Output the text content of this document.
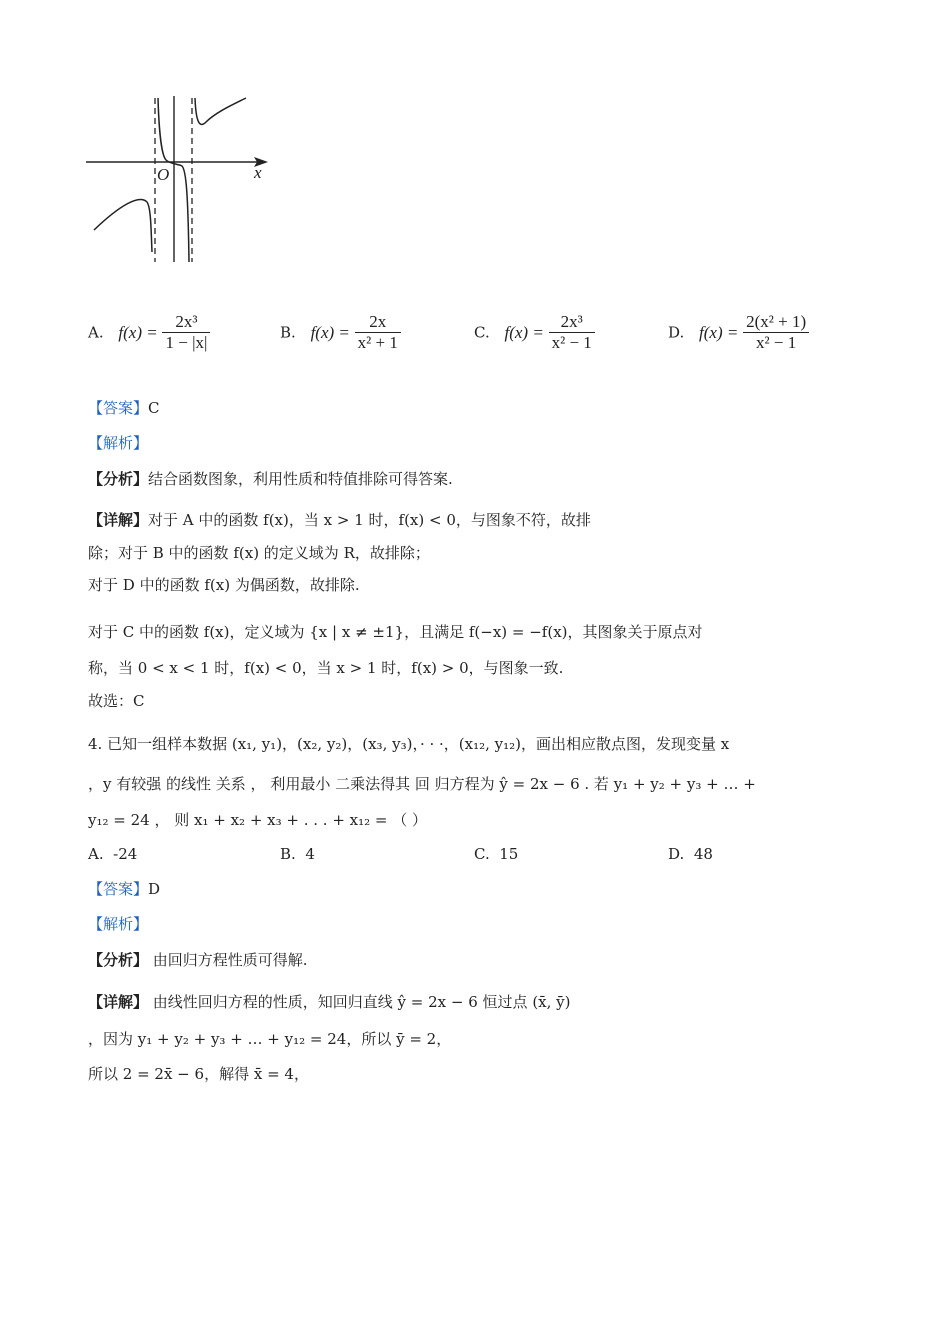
x
O
A. $f(x) = \frac{\text{2x³}}{1 - |x|}$	B. $f(x) = \frac{2x}{\text{x² + 1}}$	C. $f(x) = \frac{\text{2x³}}{\text{x² − 1}}$	D. $f(x) = \frac{\text{2(x² + 1)}}{\text{x² − 1}}$
【答案】C
【解析】
【分析】结合函数图象，利用性质和特值排除可得答案.
【详解】对于 A 中的函数 f(x)，当 x > 1 时，f(x) < 0，与图象不符，故排
除；对于 B 中的函数 f(x) 的定义域为 R，故排除；
对于 D 中的函数 f(x) 为偶函数，故排除.
对于 C 中的函数 f(x)，定义域为 {x | x ≠ ±1}，且满足 f(−x) = −f(x)，其图象关于原点对
称，当 0 < x < 1 时，f(x) < 0，当 x > 1 时，f(x) > 0，与图象一致.
故选：C
4. 已知一组样本数据 (x₁, y₁)，(x₂, y₂)，(x₃, y₃)，· · ·，(x₁₂, y₁₂)，画出相应散点图，发现变量 x
，y 有较强 的线性 关系 ， 利用最小 二乘法得其 回 归方程为 ŷ = 2x − 6 . 若 y₁ + y₂ + y₃ + … +
y₁₂ = 24 ， 则 x₁ + x₂ + x₃ + . . . + x₁₂ = （ ）
A. -24	B. 4	C. 15	D. 48
【答案】D
【解析】
【分析】 由回归方程性质可得解.
【详解】 由线性回归方程的性质，知回归直线 ŷ = 2x − 6 恒过点 (x̄, ȳ)
，因为 y₁ + y₂ + y₃ + … + y₁₂ = 24，所以 ȳ = 2，
所以 2 = 2x̄ − 6，解得 x̄ = 4，
